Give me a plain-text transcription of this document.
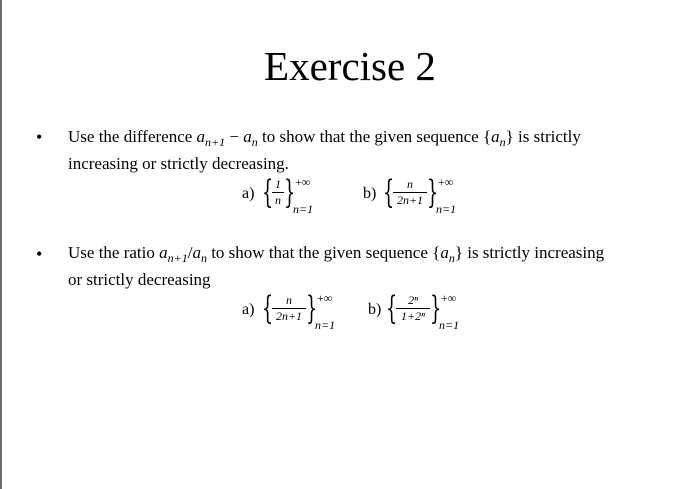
Exercise 2
• Use the difference $a_{n+1} - a_n$ to show that the given sequence $\{a_n\}$ is strictly
increasing or strictly decreasing.
a) { 1
n } +∞
n=1
b) {	n
2n+1 } +∞
n=1
• Use the ratio $a_{n+1}/a_n$ to show that the given sequence $\{a_n\}$ is strictly increasing
or strictly decreasing
a) {	n
2n+1 } +∞
n=1
b) { 2ⁿ
1+2ⁿ } +∞
n=1
